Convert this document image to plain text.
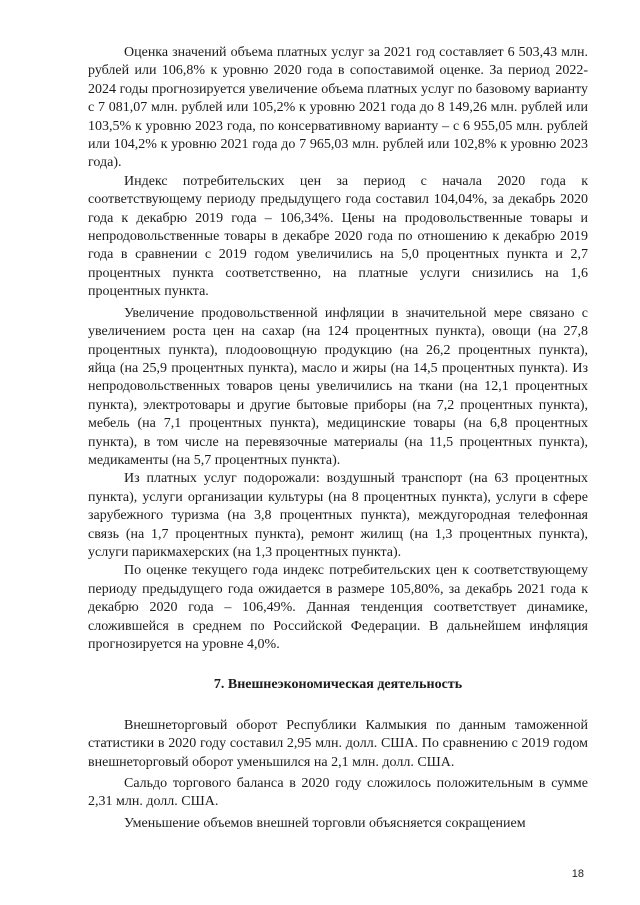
Оценка значений объема платных услуг за 2021 год составляет 6 503,43 млн. рублей или 106,8% к уровню 2020 года в сопоставимой оценке. За период 2022-2024 годы прогнозируется увеличение объема платных услуг по базовому варианту с 7 081,07 млн. рублей или 105,2% к уровню 2021 года до 8 149,26 млн. рублей или 103,5% к уровню 2023 года, по консервативному варианту – с 6 955,05 млн. рублей или 104,2% к уровню 2021 года до 7 965,03 млн. рублей или 102,8% к уровню 2023 года).

Индекс потребительских цен за период с начала 2020 года к соответствующему периоду предыдущего года составил 104,04%, за декабрь 2020 года к декабрю 2019 года – 106,34%. Цены на продовольственные товары и непродовольственные товары в декабре 2020 года по отношению к декабрю 2019 года в сравнении с 2019 годом увеличились на 5,0 процентных пункта и 2,7 процентных пункта соответственно, на платные услуги снизились на 1,6 процентных пункта.

Увеличение продовольственной инфляции в значительной мере связано с увеличением роста цен на сахар (на 124 процентных пункта), овощи (на 27,8 процентных пункта), плодоовощную продукцию (на 26,2 процентных пункта), яйца (на 25,9 процентных пункта), масло и жиры (на 14,5 процентных пункта). Из непродовольственных товаров цены увеличились на ткани (на 12,1 процентных пункта), электротовары и другие бытовые приборы (на 7,2 процентных пункта), мебель (на 7,1 процентных пункта), медицинские товары (на 6,8 процентных пункта), в том числе на перевязочные материалы (на 11,5 процентных пункта), медикаменты (на 5,7 процентных пункта).

Из платных услуг подорожали: воздушный транспорт (на 63 процентных пункта), услуги организации культуры (на 8 процентных пункта), услуги в сфере зарубежного туризма (на 3,8 процентных пункта), междугородная телефонная связь (на 1,7 процентных пункта), ремонт жилищ (на 1,3 процентных пункта), услуги парикмахерских (на 1,3 процентных пункта).

По оценке текущего года индекс потребительских цен к соответствующему периоду предыдущего года ожидается в размере 105,80%, за декабрь 2021 года к декабрю 2020 года – 106,49%. Данная тенденция соответствует динамике, сложившейся в среднем по Российской Федерации. В дальнейшем инфляция прогнозируется на уровне 4,0%.

7. Внешнеэкономическая деятельность

Внешнеторговый оборот Республики Калмыкия по данным таможенной статистики в 2020 году составил 2,95 млн. долл. США. По сравнению с 2019 годом внешнеторговый оборот уменьшился на 2,1 млн. долл. США.

Сальдо торгового баланса в 2020 году сложилось положительным в сумме 2,31 млн. долл. США.

Уменьшение объемов внешней торговли объясняется сокращением

18
